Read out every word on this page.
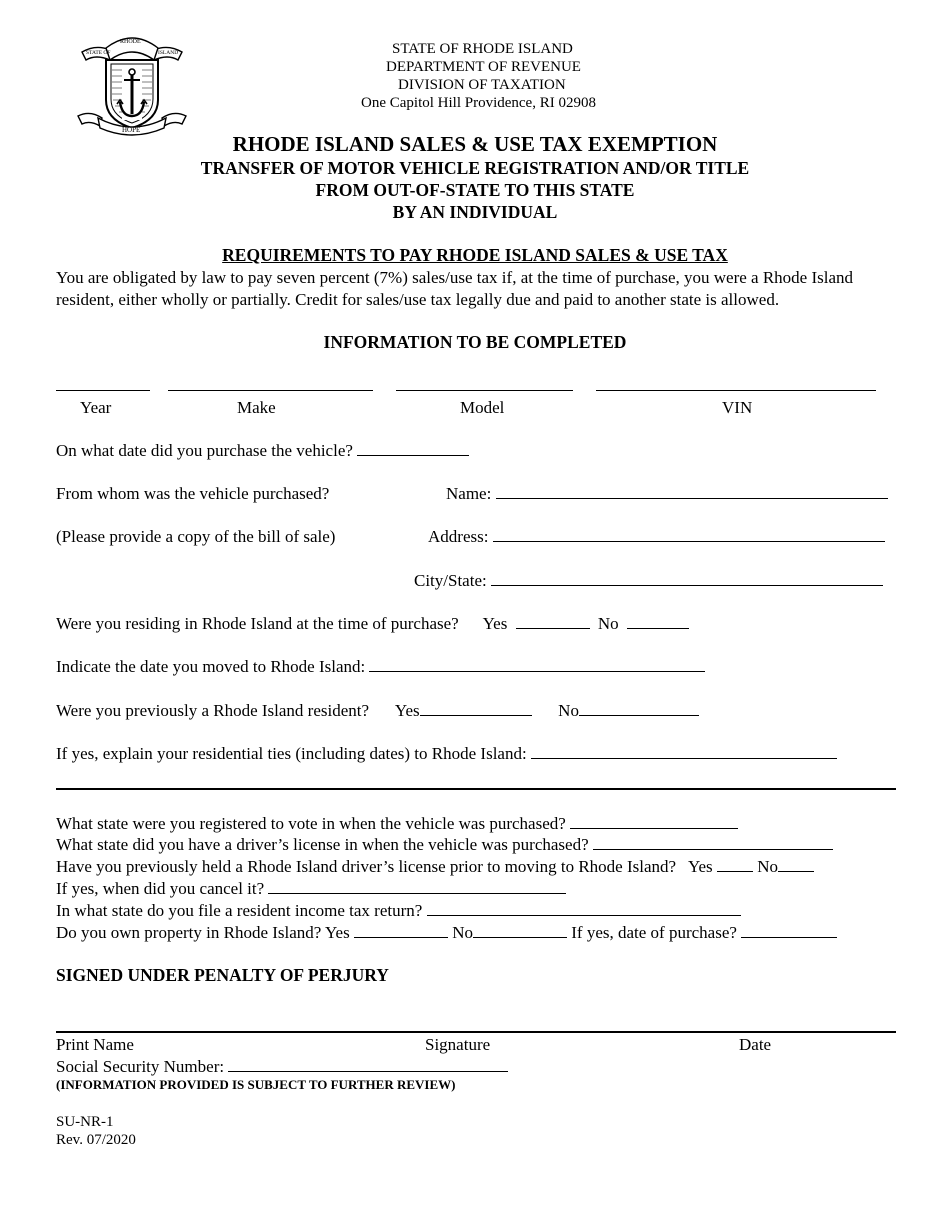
RHODE
STATE OF	ISLAND
HOPE
STATE OF RHODE ISLAND
DEPARTMENT OF REVENUE
DIVISION OF TAXATION
One Capitol Hill Providence, RI 02908
RHODE ISLAND SALES & USE TAX EXEMPTION
TRANSFER OF MOTOR VEHICLE REGISTRATION AND/OR TITLE
FROM OUT-OF-STATE TO THIS STATE
BY AN INDIVIDUAL
REQUIREMENTS TO PAY RHODE ISLAND SALES & USE TAX
You are obligated by law to pay seven percent (7%) sales/use tax if, at the time of purchase, you were a Rhode Island resident, either wholly or partially. Credit for sales/use tax legally due and paid to another state is allowed.
INFORMATION TO BE COMPLETED
Year	Make	Model	VIN
On what date did you purchase the vehicle?
From whom was the vehicle purchased?	Name:
(Please provide a copy of the bill of sale)	Address:
City/State:
Were you residing in Rhode Island at the time of purchase? Yes	No
Indicate the date you moved to Rhode Island:
Were you previously a Rhode Island resident? Yes	No
If yes, explain your residential ties (including dates) to Rhode Island:
What state were you registered to vote in when the vehicle was purchased?
What state did you have a driver’s license in when the vehicle was purchased?
Have you previously held a Rhode Island driver’s license prior to moving to Rhode Island? Yes	No
If yes, when did you cancel it?
In what state do you file a resident income tax return?
Do you own property in Rhode Island? Yes	No	If yes, date of purchase?
SIGNED UNDER PENALTY OF PERJURY
Print Name	Signature	Date
Social Security Number:
(INFORMATION PROVIDED IS SUBJECT TO FURTHER REVIEW)
SU-NR-1
Rev. 07/2020
